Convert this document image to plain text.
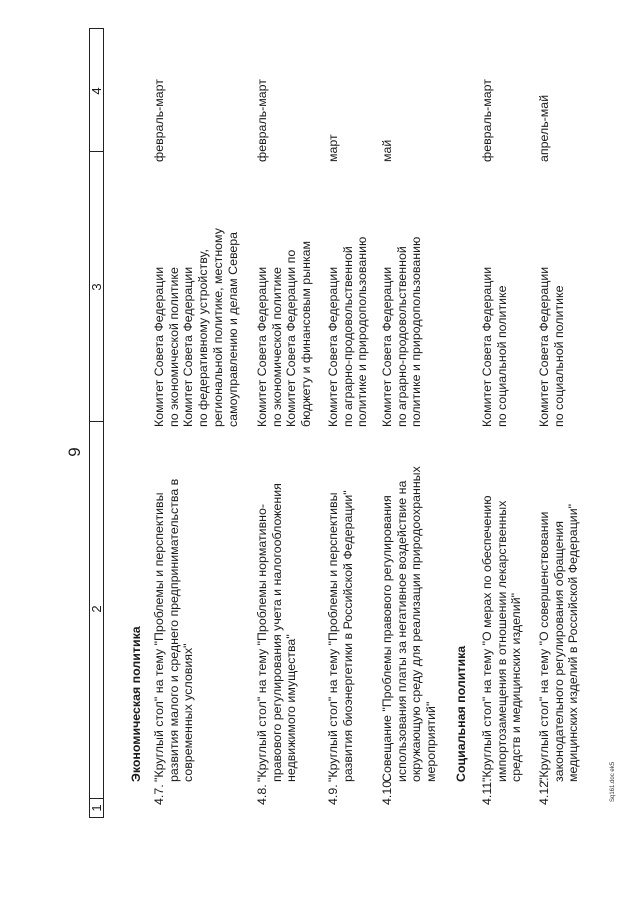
9
1
2
3
4
Экономическая политика
4.7.
"Круглый стол" на тему "Проблемы и перспективы развития малого и среднего предпринимательства в современных условиях"
Комитет Совета Федерации по экономической политике Комитет Совета Федерации по федеративному устройству, региональной политике, местному самоуправлению и делам Севера
февраль-март
4.8.
"Круглый стол" на тему "Проблемы нормативно- правового регулирования учета и налогообложения недвижимого имущества"
Комитет Совета Федерации по экономической политике Комитет Совета Федерации по бюджету и финансовым рынкам
февраль-март
4.9.
"Круглый стол" на тему "Проблемы и перспективы развития биоэнергетики в Российской Федерации"
Комитет Совета Федерации по аграрно-продовольственной политике и природопользованию
март
4.10.
Совещание "Проблемы правового регулирования использования платы за негативное воздействие на окружающую среду для реализации природоохранных мероприятий"
Комитет Совета Федерации по аграрно-продовольственной политике и природопользованию
май
Социальная политика
4.11.
"Круглый стол" на тему "О мерах по обеспечению импортозамещения в отношении лекарственных средств и медицинских изделий"
Комитет Совета Федерации по социальной политике
февраль-март
4.12.
"Круглый стол" на тему "О совершенствовании законодательного регулирования обращения медицинских изделий в Российской Федерации"
Комитет Совета Федерации по социальной политике
апрель-май
Sq161.doc ek5
